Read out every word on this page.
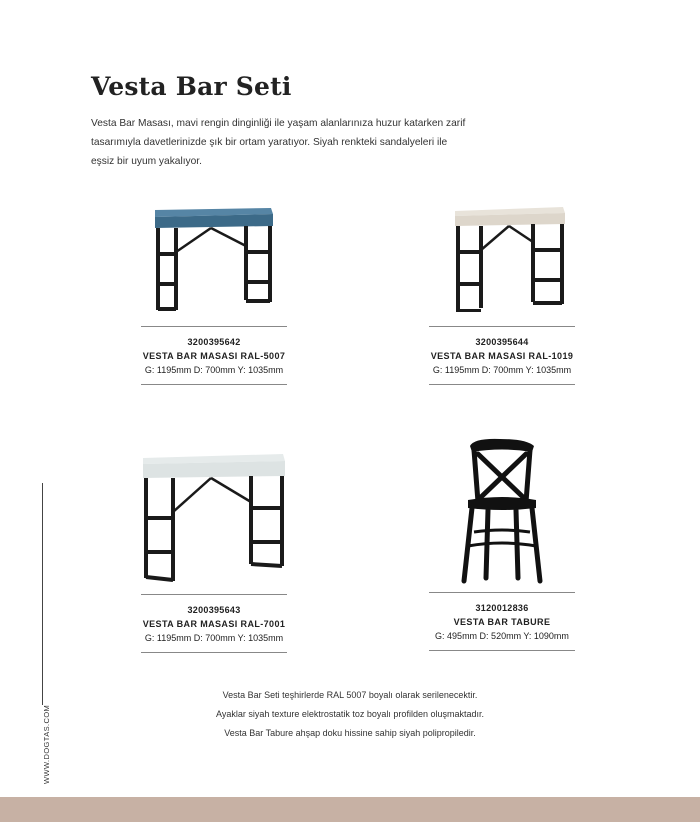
Vesta Bar Seti

Vesta Bar Masası, mavi rengin dinginliği ile yaşam alanlarınıza huzur katarken zarif
tasarımıyla davetlerinizde şık bir ortam yaratıyor. Siyah renkteki sandalyeleri ile
eşsiz bir uyum yakalıyor.

WWW.DOGTAS.COM
3200395642
VESTA BAR MASASI RAL-5007
G: 1195mm D: 700mm Y: 1035mm
3200395644
VESTA BAR MASASI RAL-1019
G: 1195mm D: 700mm Y: 1035mm
3200395643
VESTA BAR MASASI RAL-7001
G: 1195mm D: 700mm Y: 1035mm
3120012836
VESTA BAR TABURE
G: 495mm D: 520mm Y: 1090mm
Vesta Bar Seti teşhirlerde RAL 5007 boyalı olarak serilenecektir.
Ayaklar siyah texture elektrostatik toz boyalı profilden oluşmaktadır.
Vesta Bar Tabure ahşap doku hissine sahip siyah polipropiledir.
